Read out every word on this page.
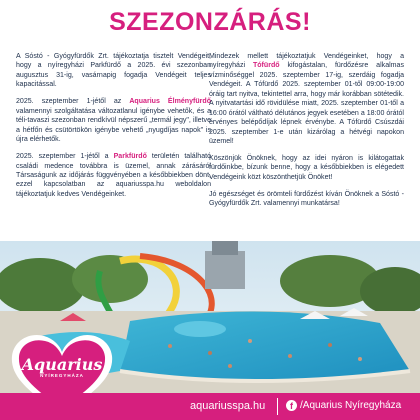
SZEZONZÁRÁS!

A Sóstó - Gyógyfürdők Zrt. tájékoztatja tisztelt Vendégeit, hogy a nyíregyházi Parkfürdő a 2025. évi szezonban augusztus 31-ig, vasárnapig fogadja Vendégeit teljes kapacitással.

2025. szeptember 1-jétől az Aquarius Élményfürdő valamennyi szolgáltatása változatlanul igénybe vehetők, és a téli-tavaszi szezonban rendkívül népszerű „termál jegy", illetve a hétfőn és csütörtökön igénybe vehető „nyugdíjas napok" is újra elérhetők.

2025. szeptember 1-jétől a Parkfürdő területén található családi medence továbbra is üzemel, annak zárásáról Társaságunk az időjárás függvényében a későbbiekben dönt, ezzel kapcsolatban az aquariusspa.hu weboldalon tájékoztatjuk kedves Vendégeinket.

Mindezek mellett tájékoztatjuk Vendégeinket, hogy a nyíregyházi Tófürdő kifogástalan, fürdőzésre alkalmas vízminőséggel 2025. szeptember 17-ig, szerdáig fogadja Vendégeit. A Tófürdő 2025. szeptember 01-től 09:00-19:00 óráig tart nyitva, tekintettel arra, hogy már korábban sötétedik. A nyitvatartási idő rövidülése miatt, 2025. szeptember 01-től a 16:00 órától váltható délutános jegyek esetében a 18:00 órától érvényes belépődíjak lépnek érvénybe. A Tófürdő Csúszdái 2025. szeptember 1-e után kizárólag a hétvégi napokon üzemel!

Köszönjük Önöknek, hogy az idei nyáron is kilátogattak fürdőinkbe, bízunk benne, hogy a későbbiekben is elégedett Vendégeink közt köszönthetjük Önöket!

Jó egészséget és örömteli fürdőzést kíván Önöknek a Sóstó - Gyógyfürdők Zrt. valamennyi munkatársa!

Aquarius
NYÍREGYHÁZA
aquariusspa.hu	f /Aquarius Nyíregyháza
